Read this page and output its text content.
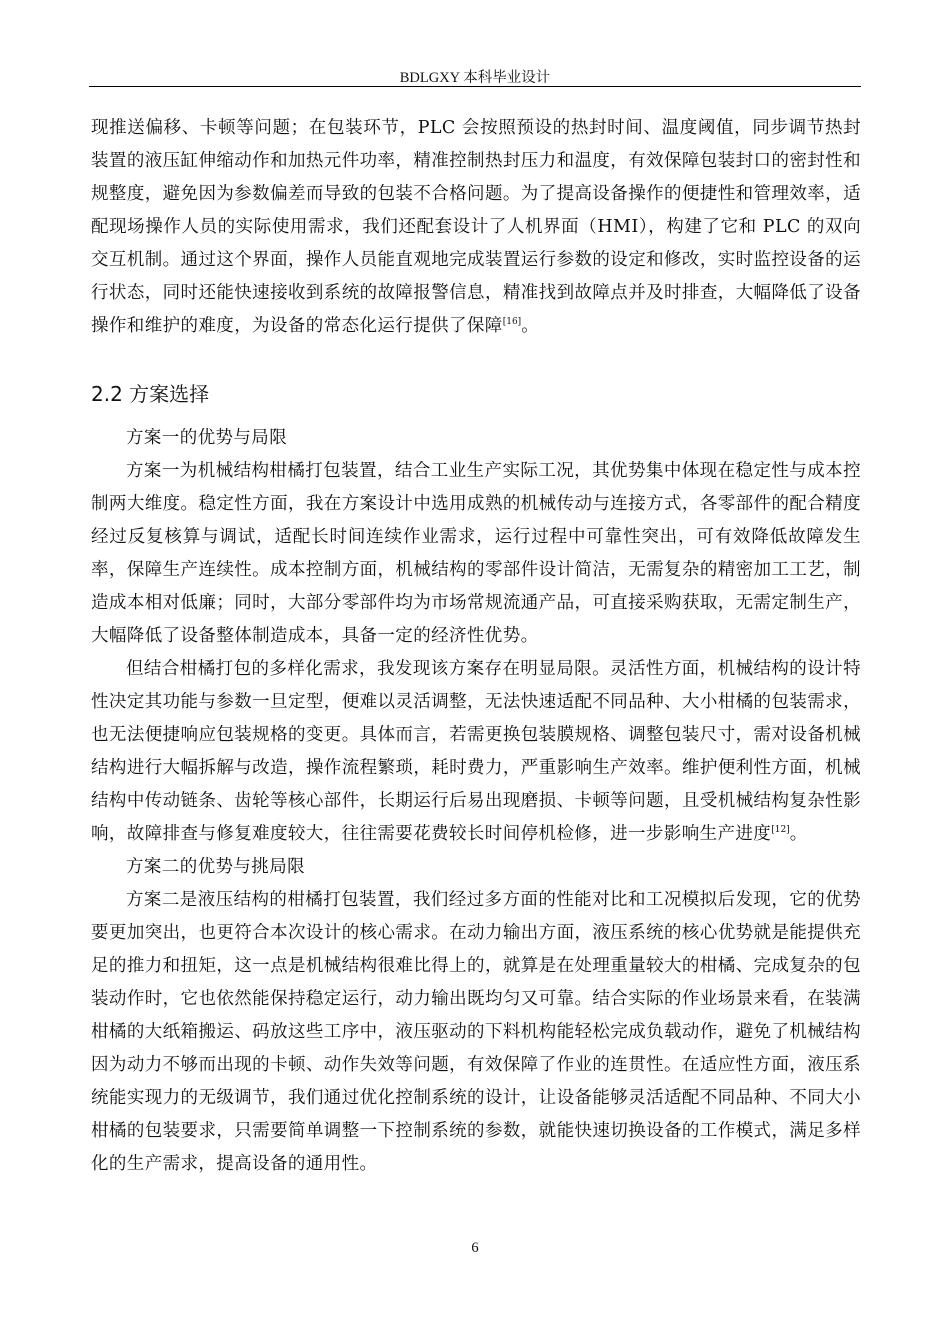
BDLGXY 本科毕业设计

现推送偏移、卡顿等问题；在包装环节，PLC 会按照预设的热封时间、温度阈值，同步调节热封装置的液压缸伸缩动作和加热元件功率，精准控制热封压力和温度，有效保障包装封口的密封性和规整度，避免因为参数偏差而导致的包装不合格问题。为了提高设备操作的便捷性和管理效率，适配现场操作人员的实际使用需求，我们还配套设计了人机界面（HMI），构建了它和 PLC 的双向交互机制。通过这个界面，操作人员能直观地完成装置运行参数的设定和修改，实时监控设备的运行状态，同时还能快速接收到系统的故障报警信息，精准找到故障点并及时排查，大幅降低了设备操作和维护的难度，为设备的常态化运行提供了保障[16]。

2.2 方案选择

方案一的优势与局限

方案一为机械结构柑橘打包装置，结合工业生产实际工况，其优势集中体现在稳定性与成本控制两大维度。稳定性方面，我在方案设计中选用成熟的机械传动与连接方式，各零部件的配合精度经过反复核算与调试，适配长时间连续作业需求，运行过程中可靠性突出，可有效降低故障发生率，保障生产连续性。成本控制方面，机械结构的零部件设计简洁，无需复杂的精密加工工艺，制造成本相对低廉；同时，大部分零部件均为市场常规流通产品，可直接采购获取，无需定制生产，大幅降低了设备整体制造成本，具备一定的经济性优势。

但结合柑橘打包的多样化需求，我发现该方案存在明显局限。灵活性方面，机械结构的设计特性决定其功能与参数一旦定型，便难以灵活调整，无法快速适配不同品种、大小柑橘的包装需求，也无法便捷响应包装规格的变更。具体而言，若需更换包装膜规格、调整包装尺寸，需对设备机械结构进行大幅拆解与改造，操作流程繁琐，耗时费力，严重影响生产效率。维护便利性方面，机械结构中传动链条、齿轮等核心部件，长期运行后易出现磨损、卡顿等问题，且受机械结构复杂性影响，故障排查与修复难度较大，往往需要花费较长时间停机检修，进一步影响生产进度[12]。

方案二的优势与挑局限

方案二是液压结构的柑橘打包装置，我们经过多方面的性能对比和工况模拟后发现，它的优势要更加突出，也更符合本次设计的核心需求。在动力输出方面，液压系统的核心优势就是能提供充足的推力和扭矩，这一点是机械结构很难比得上的，就算是在处理重量较大的柑橘、完成复杂的包装动作时，它也依然能保持稳定运行，动力输出既均匀又可靠。结合实际的作业场景来看，在装满柑橘的大纸箱搬运、码放这些工序中，液压驱动的下料机构能轻松完成负载动作，避免了机械结构因为动力不够而出现的卡顿、动作失效等问题，有效保障了作业的连贯性。在适应性方面，液压系统能实现力的无级调节，我们通过优化控制系统的设计，让设备能够灵活适配不同品种、不同大小柑橘的包装要求，只需要简单调整一下控制系统的参数，就能快速切换设备的工作模式，满足多样化的生产需求，提高设备的通用性。

6
